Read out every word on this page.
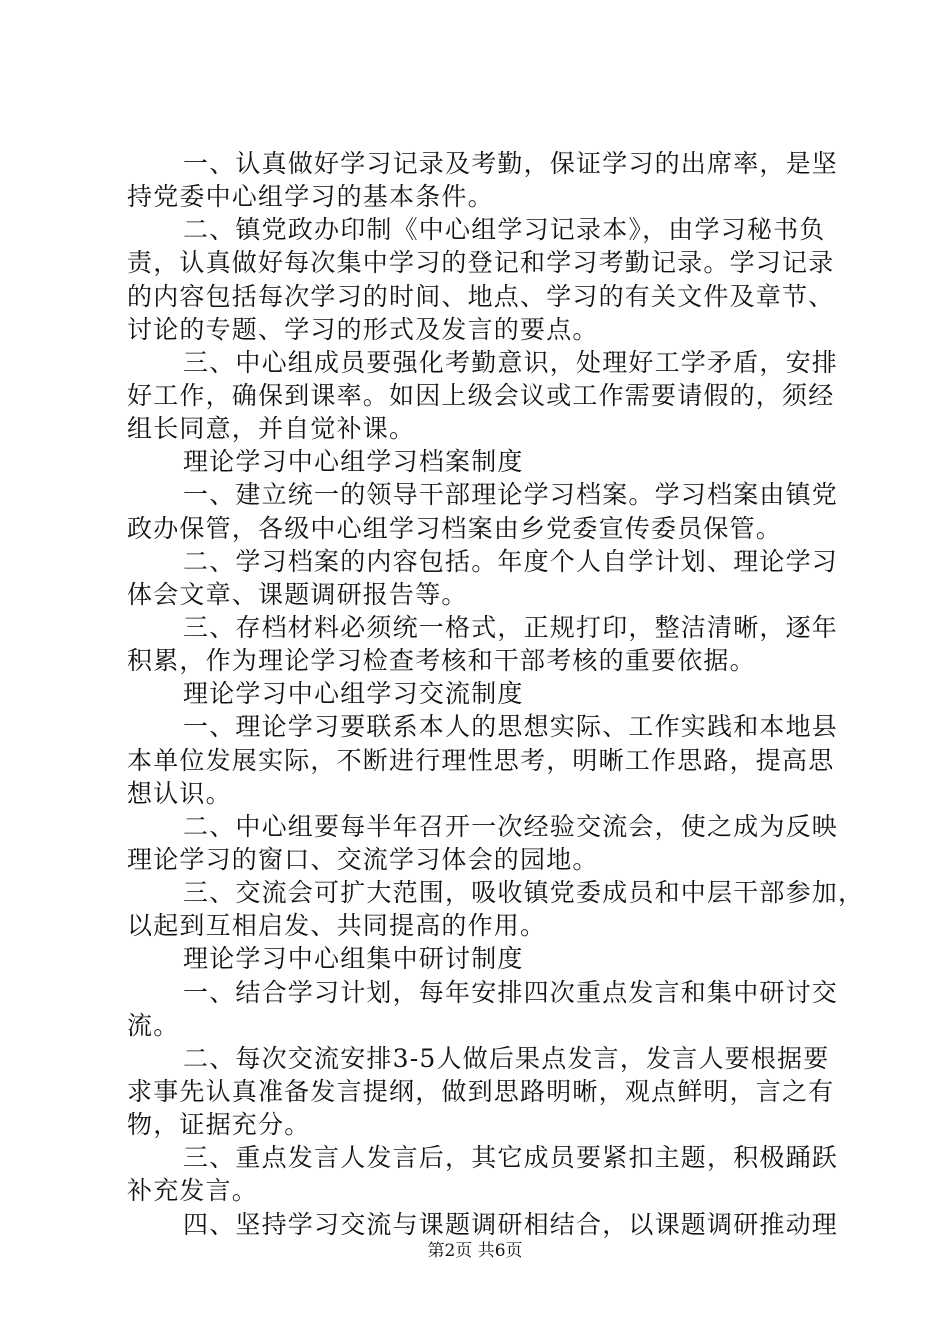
一、认真做好学习记录及考勤，保证学习的出席率，是坚
持党委中心组学习的基本条件。
二、镇党政办印制《中心组学习记录本》，由学习秘书负
责，认真做好每次集中学习的登记和学习考勤记录。学习记录
的内容包括每次学习的时间、地点、学习的有关文件及章节、
讨论的专题、学习的形式及发言的要点。
三、中心组成员要强化考勤意识，处理好工学矛盾，安排
好工作，确保到课率。如因上级会议或工作需要请假的，须经
组长同意，并自觉补课。
理论学习中心组学习档案制度
一、建立统一的领导干部理论学习档案。学习档案由镇党
政办保管，各级中心组学习档案由乡党委宣传委员保管。
二、学习档案的内容包括。年度个人自学计划、理论学习
体会文章、课题调研报告等。
三、存档材料必须统一格式，正规打印，整洁清晰，逐年
积累，作为理论学习检查考核和干部考核的重要依据。
理论学习中心组学习交流制度
一、理论学习要联系本人的思想实际、工作实践和本地县
本单位发展实际，不断进行理性思考，明晰工作思路，提高思
想认识。
二、中心组要每半年召开一次经验交流会，使之成为反映
理论学习的窗口、交流学习体会的园地。
三、交流会可扩大范围，吸收镇党委成员和中层干部参加，
以起到互相启发、共同提高的作用。
理论学习中心组集中研讨制度
一、结合学习计划，每年安排四次重点发言和集中研讨交
流。
二、每次交流安排3-5人做后果点发言，发言人要根据要
求事先认真准备发言提纲，做到思路明晰，观点鲜明，言之有
物，证据充分。
三、重点发言人发言后，其它成员要紧扣主题，积极踊跃
补充发言。
四、坚持学习交流与课题调研相结合，以课题调研推动理
第2页 共6页
